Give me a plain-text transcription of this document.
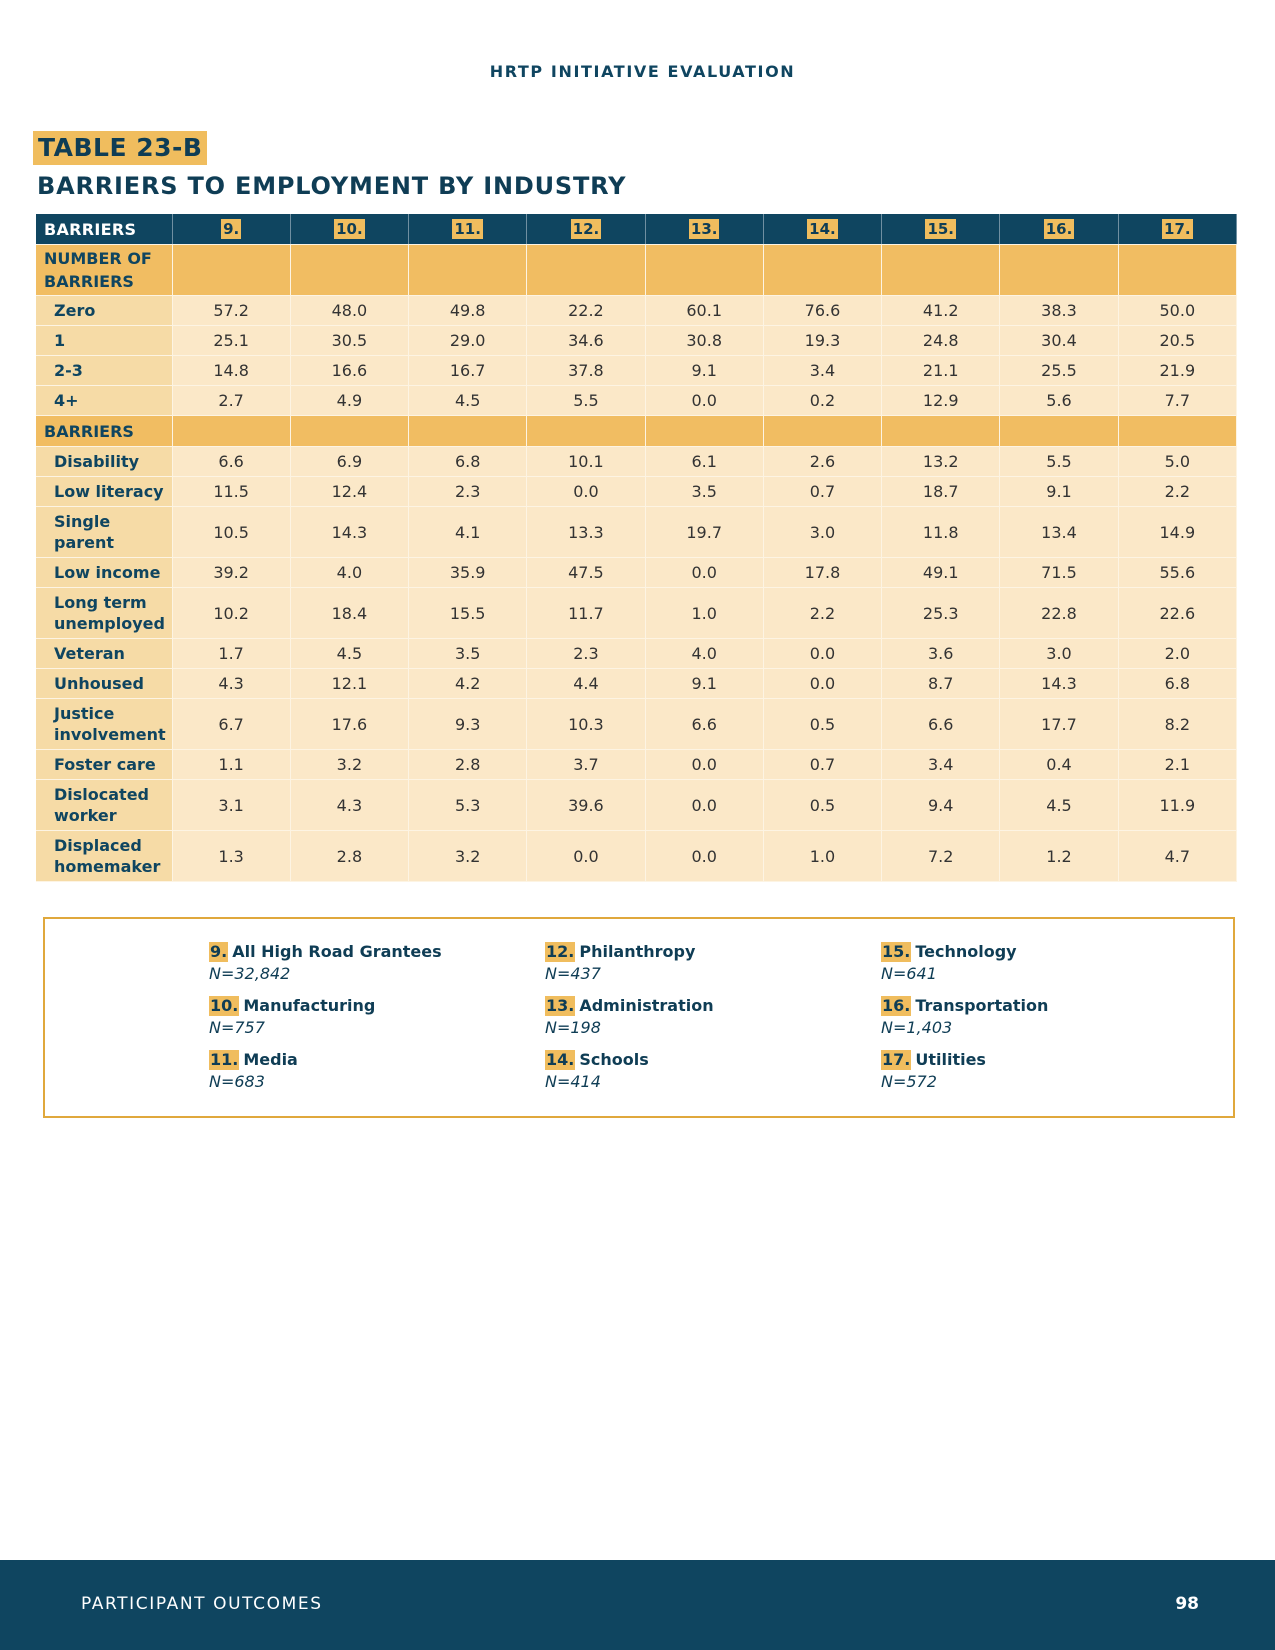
HRTP INITIATIVE EVALUATION
TABLE 23-B
BARRIERS TO EMPLOYMENT BY INDUSTRY
BARRIERS	9.	10.	11.	12.	13.	14.	15.	16.	17.
NUMBER OF BARRIERS									
Zero	57.2	48.0	49.8	22.2	60.1	76.6	41.2	38.3	50.0
1	25.1	30.5	29.0	34.6	30.8	19.3	24.8	30.4	20.5
2-3	14.8	16.6	16.7	37.8	9.1	3.4	21.1	25.5	21.9
4+	2.7	4.9	4.5	5.5	0.0	0.2	12.9	5.6	7.7
BARRIERS									
Disability	6.6	6.9	6.8	10.1	6.1	2.6	13.2	5.5	5.0
Low literacy	11.5	12.4	2.3	0.0	3.5	0.7	18.7	9.1	2.2
Single parent	10.5	14.3	4.1	13.3	19.7	3.0	11.8	13.4	14.9
Low income	39.2	4.0	35.9	47.5	0.0	17.8	49.1	71.5	55.6
Long term unemployed	10.2	18.4	15.5	11.7	1.0	2.2	25.3	22.8	22.6
Veteran	1.7	4.5	3.5	2.3	4.0	0.0	3.6	3.0	2.0
Unhoused	4.3	12.1	4.2	4.4	9.1	0.0	8.7	14.3	6.8
Justice involvement	6.7	17.6	9.3	10.3	6.6	0.5	6.6	17.7	8.2
Foster care	1.1	3.2	2.8	3.7	0.0	0.7	3.4	0.4	2.1
Dislocated worker	3.1	4.3	5.3	39.6	0.0	0.5	9.4	4.5	11.9
Displaced homemaker	1.3	2.8	3.2	0.0	0.0	1.0	7.2	1.2	4.7
9. All High Road Grantees
N=32,842
10. Manufacturing
N=757
11. Media
N=683
12. Philanthropy
N=437
13. Administration
N=198
14. Schools
N=414
15. Technology
N=641
16. Transportation
N=1,403
17. Utilities
N=572
PARTICIPANT OUTCOMES	98
